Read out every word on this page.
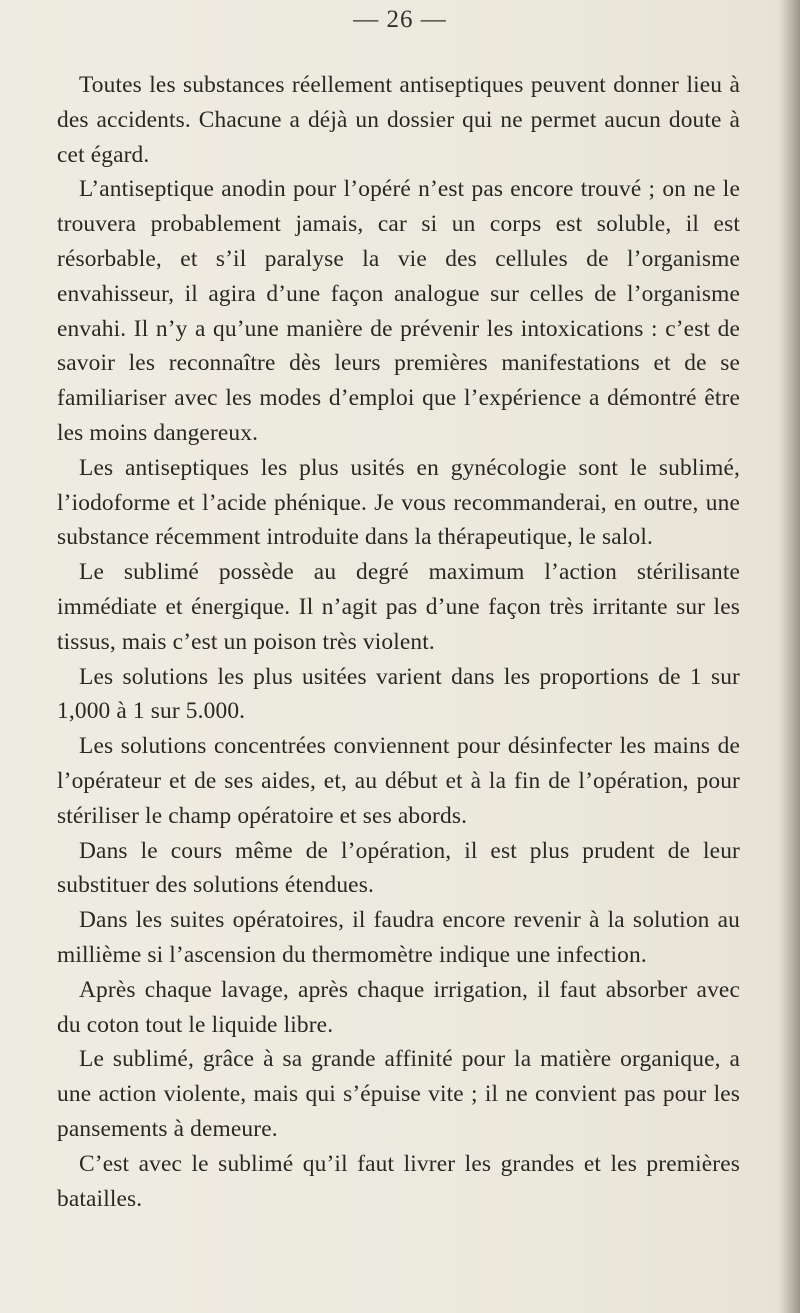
— 26 —

Toutes les substances réellement antiseptiques peuvent donner lieu à des accidents. Chacune a déjà un dossier qui ne permet aucun doute à cet égard.

L’antiseptique anodin pour l’opéré n’est pas encore trouvé ; on ne le trouvera probablement jamais, car si un corps est soluble, il est résorbable, et s’il paralyse la vie des cellules de l’organisme envahisseur, il agira d’une façon analogue sur celles de l’organisme envahi. Il n’y a qu’une manière de prévenir les intoxications : c’est de savoir les reconnaître dès leurs premières manifestations et de se familiariser avec les modes d’emploi que l’expérience a démontré être les moins dangereux.

Les antiseptiques les plus usités en gynécologie sont le sublimé, l’iodoforme et l’acide phénique. Je vous recommanderai, en outre, une substance récemment introduite dans la thérapeutique, le salol.

Le sublimé possède au degré maximum l’action stérilisante immédiate et énergique. Il n’agit pas d’une façon très irritante sur les tissus, mais c’est un poison très violent.

Les solutions les plus usitées varient dans les proportions de 1 sur 1,000 à 1 sur 5.000.

Les solutions concentrées conviennent pour désinfecter les mains de l’opérateur et de ses aides, et, au début et à la fin de l’opération, pour stériliser le champ opératoire et ses abords.

Dans le cours même de l’opération, il est plus prudent de leur substituer des solutions étendues.

Dans les suites opératoires, il faudra encore revenir à la solution au millième si l’ascension du thermomètre indique une infection.

Après chaque lavage, après chaque irrigation, il faut absorber avec du coton tout le liquide libre.

Le sublimé, grâce à sa grande affinité pour la matière organique, a une action violente, mais qui s’épuise vite ; il ne convient pas pour les pansements à demeure.

C’est avec le sublimé qu’il faut livrer les grandes et les premières batailles.
